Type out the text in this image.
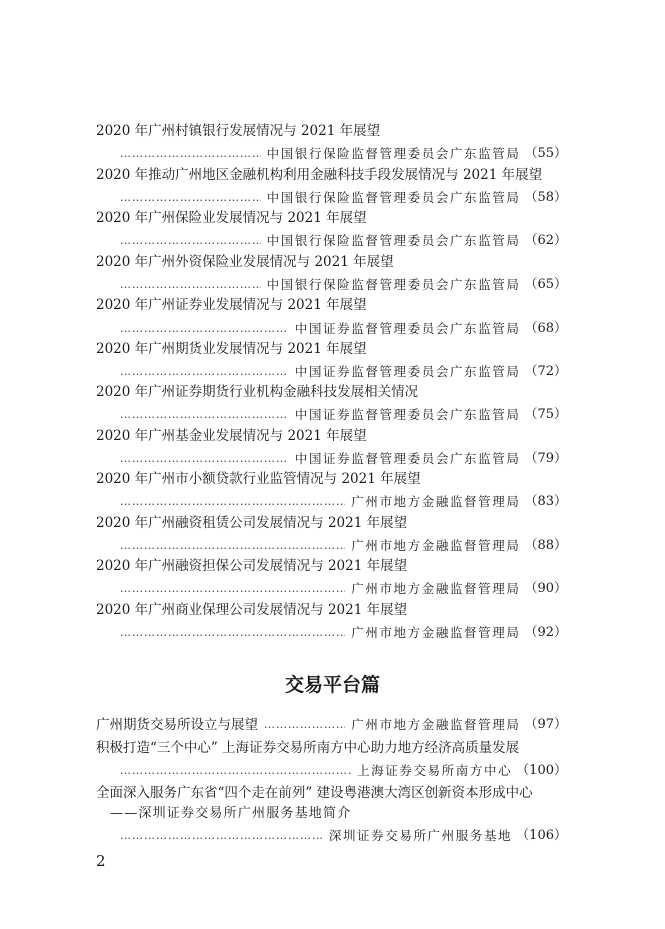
2020 年广州村镇银行发展情况与 2021 年展望
………………………………………………………………………………………………………………………………………
中国银行保险监督管理委员会广东监管局 （55）
2020 年推动广州地区金融机构利用金融科技手段发展情况与 2021 年展望
………………………………………………………………………………………………………………………………………
中国银行保险监督管理委员会广东监管局 （58）
2020 年广州保险业发展情况与 2021 年展望
………………………………………………………………………………………………………………………………………
中国银行保险监督管理委员会广东监管局 （62）
2020 年广州外资保险业发展情况与 2021 年展望
………………………………………………………………………………………………………………………………………
中国银行保险监督管理委员会广东监管局 （65）
2020 年广州证券业发展情况与 2021 年展望
………………………………………………………………………………………………………………………………………
中国证券监督管理委员会广东监管局 （68）
2020 年广州期货业发展情况与 2021 年展望
………………………………………………………………………………………………………………………………………
中国证券监督管理委员会广东监管局 （72）
2020 年广州证券期货行业机构金融科技发展相关情况
………………………………………………………………………………………………………………………………………
中国证券监督管理委员会广东监管局 （75）
2020 年广州基金业发展情况与 2021 年展望
………………………………………………………………………………………………………………………………………
中国证券监督管理委员会广东监管局 （79）
2020 年广州市小额贷款行业监管情况与 2021 年展望
………………………………………………………………………………………………………………………………………
广州市地方金融监督管理局 （83）
2020 年广州融资租赁公司发展情况与 2021 年展望
………………………………………………………………………………………………………………………………………
广州市地方金融监督管理局 （88）
2020 年广州融资担保公司发展情况与 2021 年展望
………………………………………………………………………………………………………………………………………
广州市地方金融监督管理局 （90）
2020 年广州商业保理公司发展情况与 2021 年展望
………………………………………………………………………………………………………………………………………
广州市地方金融监督管理局 （92）
交易平台篇
广州期货交易所设立与展望
………………………………………………………………………………………	广州市地方金融监督管理局 （97）
积极打造“三个中心” 上海证券交易所南方中心助力地方经济高质量发展
………………………………………………………………………………………………………………………………………
上海证券交易所南方中心 （100）
全面深入服务广东省“四个走在前列” 建设粤港澳大湾区创新资本形成中心
——深圳证券交易所广州服务基地简介
………………………………………………………………………………………………………………………………………
深圳证券交易所广州服务基地 （106）
2
